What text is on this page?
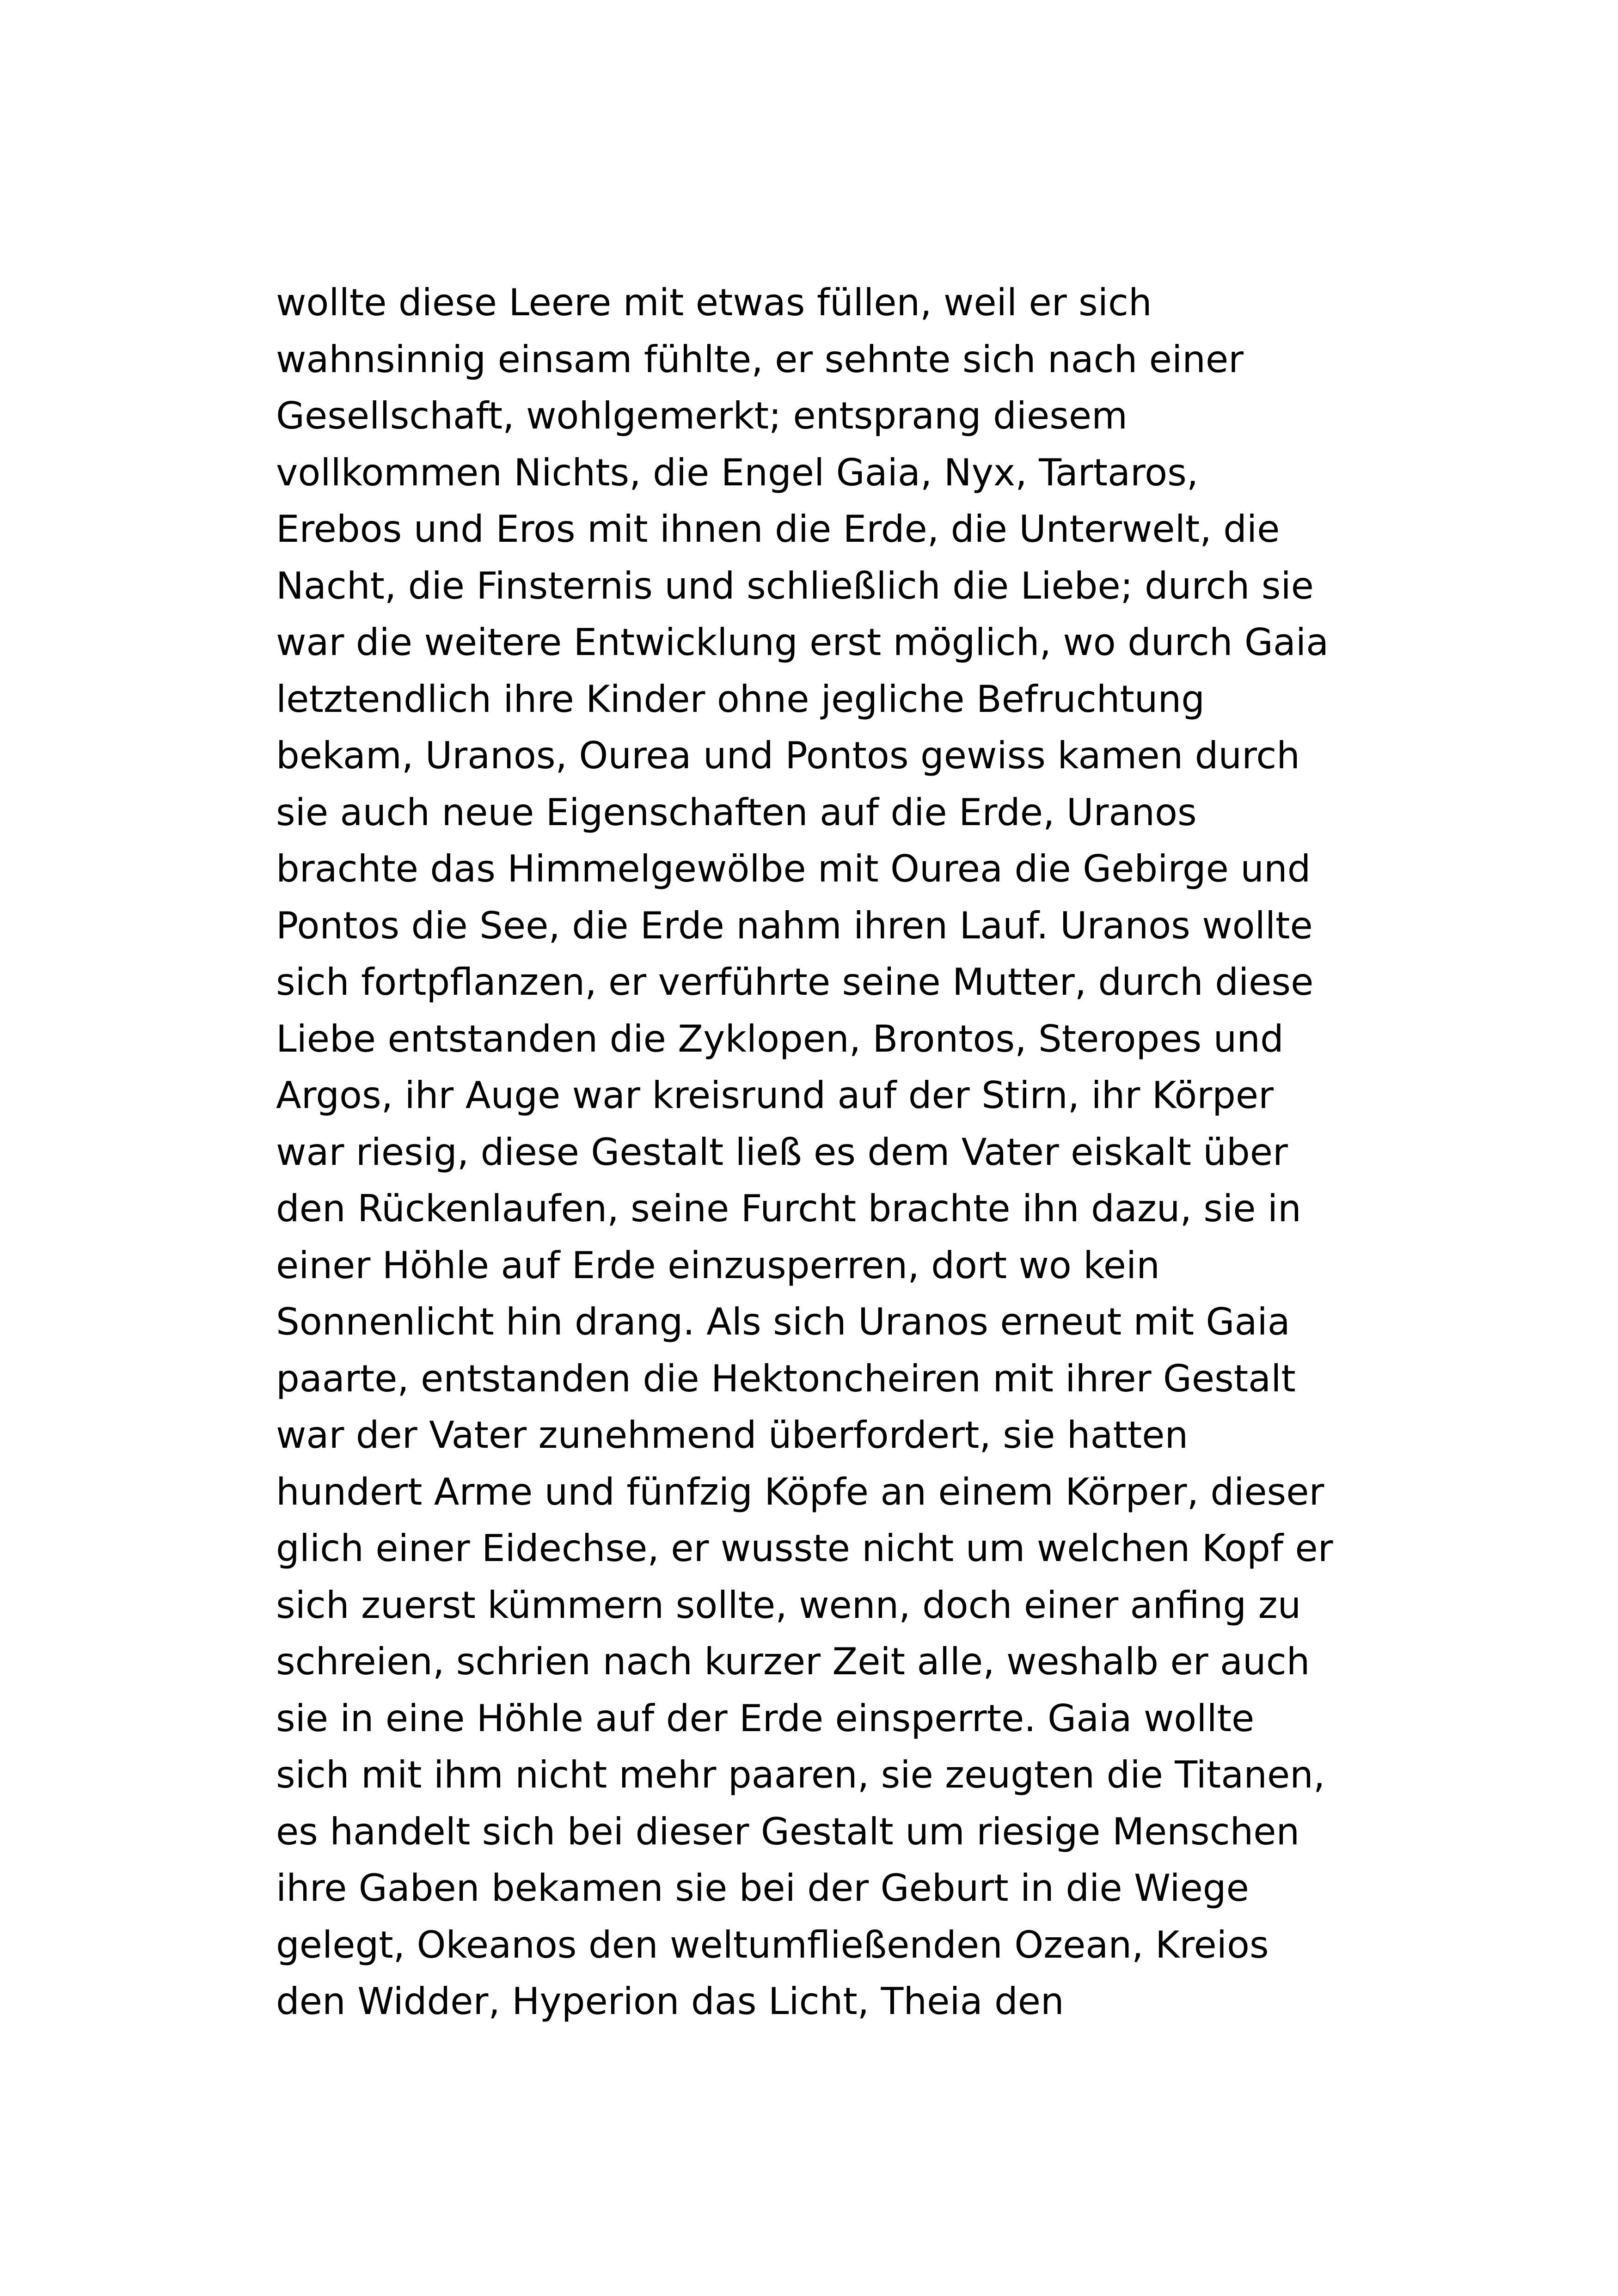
wollte diese Leere mit etwas füllen, weil er sich
wahnsinnig einsam fühlte, er sehnte sich nach einer
Gesellschaft, wohlgemerkt; entsprang diesem
vollkommen Nichts, die Engel Gaia, Nyx, Tartaros,
Erebos und Eros mit ihnen die Erde, die Unterwelt, die
Nacht, die Finsternis und schließlich die Liebe; durch sie
war die weitere Entwicklung erst möglich, wo durch Gaia
letztendlich ihre Kinder ohne jegliche Befruchtung
bekam, Uranos, Ourea und Pontos gewiss kamen durch
sie auch neue Eigenschaften auf die Erde, Uranos
brachte das Himmelgewölbe mit Ourea die Gebirge und
Pontos die See, die Erde nahm ihren Lauf. Uranos wollte
sich fortpflanzen, er verführte seine Mutter, durch diese
Liebe entstanden die Zyklopen, Brontos, Steropes und
Argos, ihr Auge war kreisrund auf der Stirn, ihr Körper
war riesig, diese Gestalt ließ es dem Vater eiskalt über
den Rückenlaufen, seine Furcht brachte ihn dazu, sie in
einer Höhle auf Erde einzusperren, dort wo kein
Sonnenlicht hin drang. Als sich Uranos erneut mit Gaia
paarte, entstanden die Hektoncheiren mit ihrer Gestalt
war der Vater zunehmend überfordert, sie hatten
hundert Arme und fünfzig Köpfe an einem Körper, dieser
glich einer Eidechse, er wusste nicht um welchen Kopf er
sich zuerst kümmern sollte, wenn, doch einer anfing zu
schreien, schrien nach kurzer Zeit alle, weshalb er auch
sie in eine Höhle auf der Erde einsperrte. Gaia wollte
sich mit ihm nicht mehr paaren, sie zeugten die Titanen,
es handelt sich bei dieser Gestalt um riesige Menschen
ihre Gaben bekamen sie bei der Geburt in die Wiege
gelegt, Okeanos den weltumfließenden Ozean, Kreios
den Widder, Hyperion das Licht, Theia den
